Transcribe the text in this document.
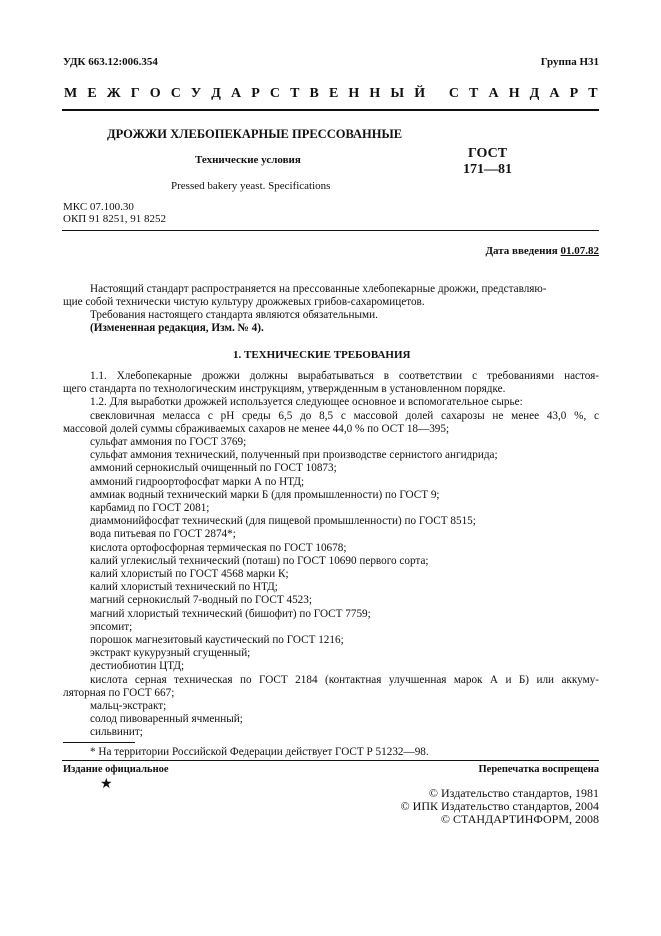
УДК 663.12:006.354	Группа Н31
М Е Ж Г О С У Д А Р С Т В Е Н Н Ы Й
С Т А Н Д А Р Т
ДРОЖЖИ ХЛЕБОПЕКАРНЫЕ ПРЕССОВАННЫЕ
Технические условия
Pressed bakery yeast. Specifications
ГОСТ
171—81
МКС 07.100.30
ОКП 91 8251, 91 8252
Дата введения 01.07.82
Настоящий стандарт распространяется на прессованные хлебопекарные дрожжи, представляю-
щие собой технически чистую культуру дрожжевых грибов-сахаромицетов.
Требования настоящего стандарта являются обязательными.
(Измененная редакция, Изм. № 4).
1. ТЕХНИЧЕСКИЕ ТРЕБОВАНИЯ
1.1. Хлебопекарные дрожжи должны вырабатываться в соответствии с требованиями настоя-
щего стандарта по технологическим инструкциям, утвержденным в установленном порядке.
1.2. Для выработки дрожжей используется следующее основное и вспомогательное сырье:
свекловичная меласса с pH среды 6,5 до 8,5 с массовой долей сахарозы не менее 43,0 %, с
массовой долей суммы сбраживаемых сахаров не менее 44,0 % по ОСТ 18—395;
сульфат аммония по ГОСТ 3769;
сульфат аммония технический, полученный при производстве сернистого ангидрида;
аммоний сернокислый очищенный по ГОСТ 10873;
аммоний гидроортофосфат марки А по НТД;
аммиак водный технический марки Б (для промышленности) по ГОСТ 9;
карбамид по ГОСТ 2081;
диаммонийфосфат технический (для пищевой промышленности) по ГОСТ 8515;
вода питьевая по ГОСТ 2874*;
кислота ортофосфорная термическая по ГОСТ 10678;
калий углекислый технический (поташ) по ГОСТ 10690 первого сорта;
калий хлористый по ГОСТ 4568 марки К;
калий хлористый технический по НТД;
магний сернокислый 7-водный по ГОСТ 4523;
магний хлористый технический (бишофит) по ГОСТ 7759;
эпсомит;
порошок магнезитовый каустический по ГОСТ 1216;
экстракт кукурузный сгущенный;
дестиобиотин ЦТД;
кислота серная техническая по ГОСТ 2184 (контактная улучшенная марок А и Б) или аккуму-
ляторная по ГОСТ 667;
мальц-экстракт;
солод пивоваренный ячменный;
сильвинит;
* На территории Российской Федерации действует ГОСТ Р 51232—98.
Издание официальное
★
Перепечатка воспрещена
© Издательство стандартов, 1981
© ИПК Издательство стандартов, 2004
© СТАНДАРТИНФОРМ, 2008
